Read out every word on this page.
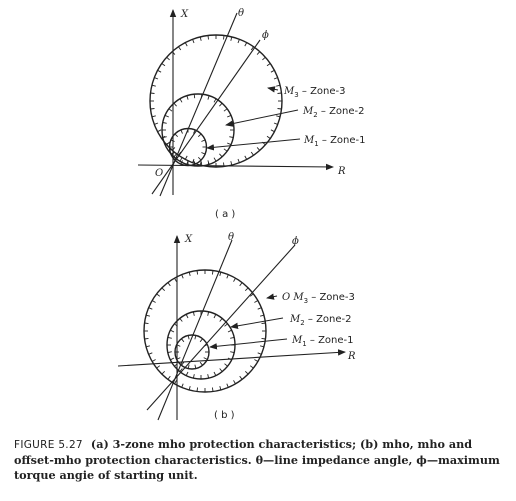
X
R
O
θ
ϕ
$M_3$ – Zone-3
$M_2$ – Zone-2
$M_1$ – Zone-1
( a )
X
R
θ	ϕ
O $M_3$ – Zone-3
$M_2$ – Zone-2
$M_1$ – Zone-1
( b )
FIGURE 5.27 (a) 3-zone mho protection characteristics; (b) mho, mho and offset-mho protection characteristics. θ—line impedance angle, ϕ—maximum torque angie of starting unit.
